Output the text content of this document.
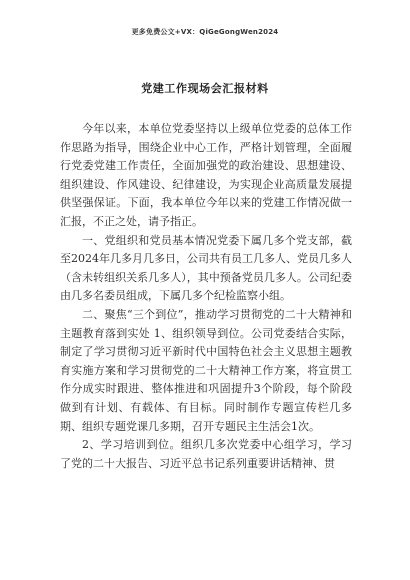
更多免费公文+VX：QiGeGongWen2024
党建工作现场会汇报材料

今年以来，本单位党委坚持以上级单位党委的总体工作作思路为指导，围绕企业中心工作，严格计划管理，全面履行党委党建工作责任，全面加强党的政治建设、思想建设、组织建设、作风建设、纪律建设，为实现企业高质量发展提供坚强保证。下面，我本单位今年以来的党建工作情况做一汇报，不正之处，请予指正。

一、党组织和党员基本情况党委下属几多个党支部，截至2024年几多月几多日，公司共有员工几多人、党员几多人（含未转组织关系几多人），其中预备党员几多人。公司纪委由几多名委员组成，下属几多个纪检监察小组。

二、聚焦“三个到位”，推动学习贯彻党的二十大精神和主题教育落到实处 1、组织领导到位。公司党委结合实际，制定了学习贯彻习近平新时代中国特色社会主义思想主题教育实施方案和学习贯彻党的二十大精神工作方案，将宣贯工作分成实时跟进、整体推进和巩固提升3个阶段，每个阶段做到有计划、有载体、有目标。同时制作专题宣传栏几多期、组织专题党课几多期，召开专题民主生活会1次。

2、学习培训到位。组织几多次党委中心组学习，学习了党的二十大报告、习近平总书记系列重要讲话精神、贯
